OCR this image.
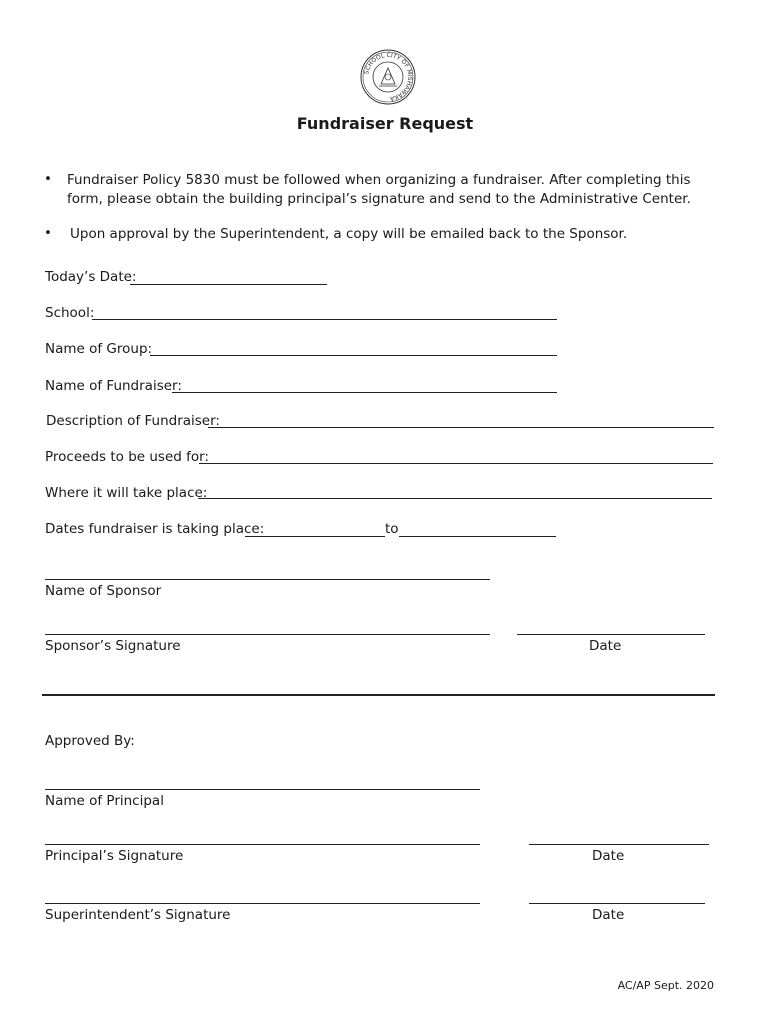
SCHOOL CITY OF MISHAWAKA
Fundraiser Request
• Fundraiser Policy 5830 must be followed when organizing a fundraiser. After completing this form, please obtain the building principal’s signature and send to the Administrative Center.
• Upon approval by the Superintendent, a copy will be emailed back to the Sponsor.
Today’s Date:
School:
Name of Group:
Name of Fundraiser:
Description of Fundraiser:
Proceeds to be used for:
Where it will take place:
Dates fundraiser is taking place:	to
Name of Sponsor
Sponsor’s Signature	Date
Approved By:
Name of Principal
Principal’s Signature	Date
Superintendent’s Signature	Date
AC/AP Sept. 2020
